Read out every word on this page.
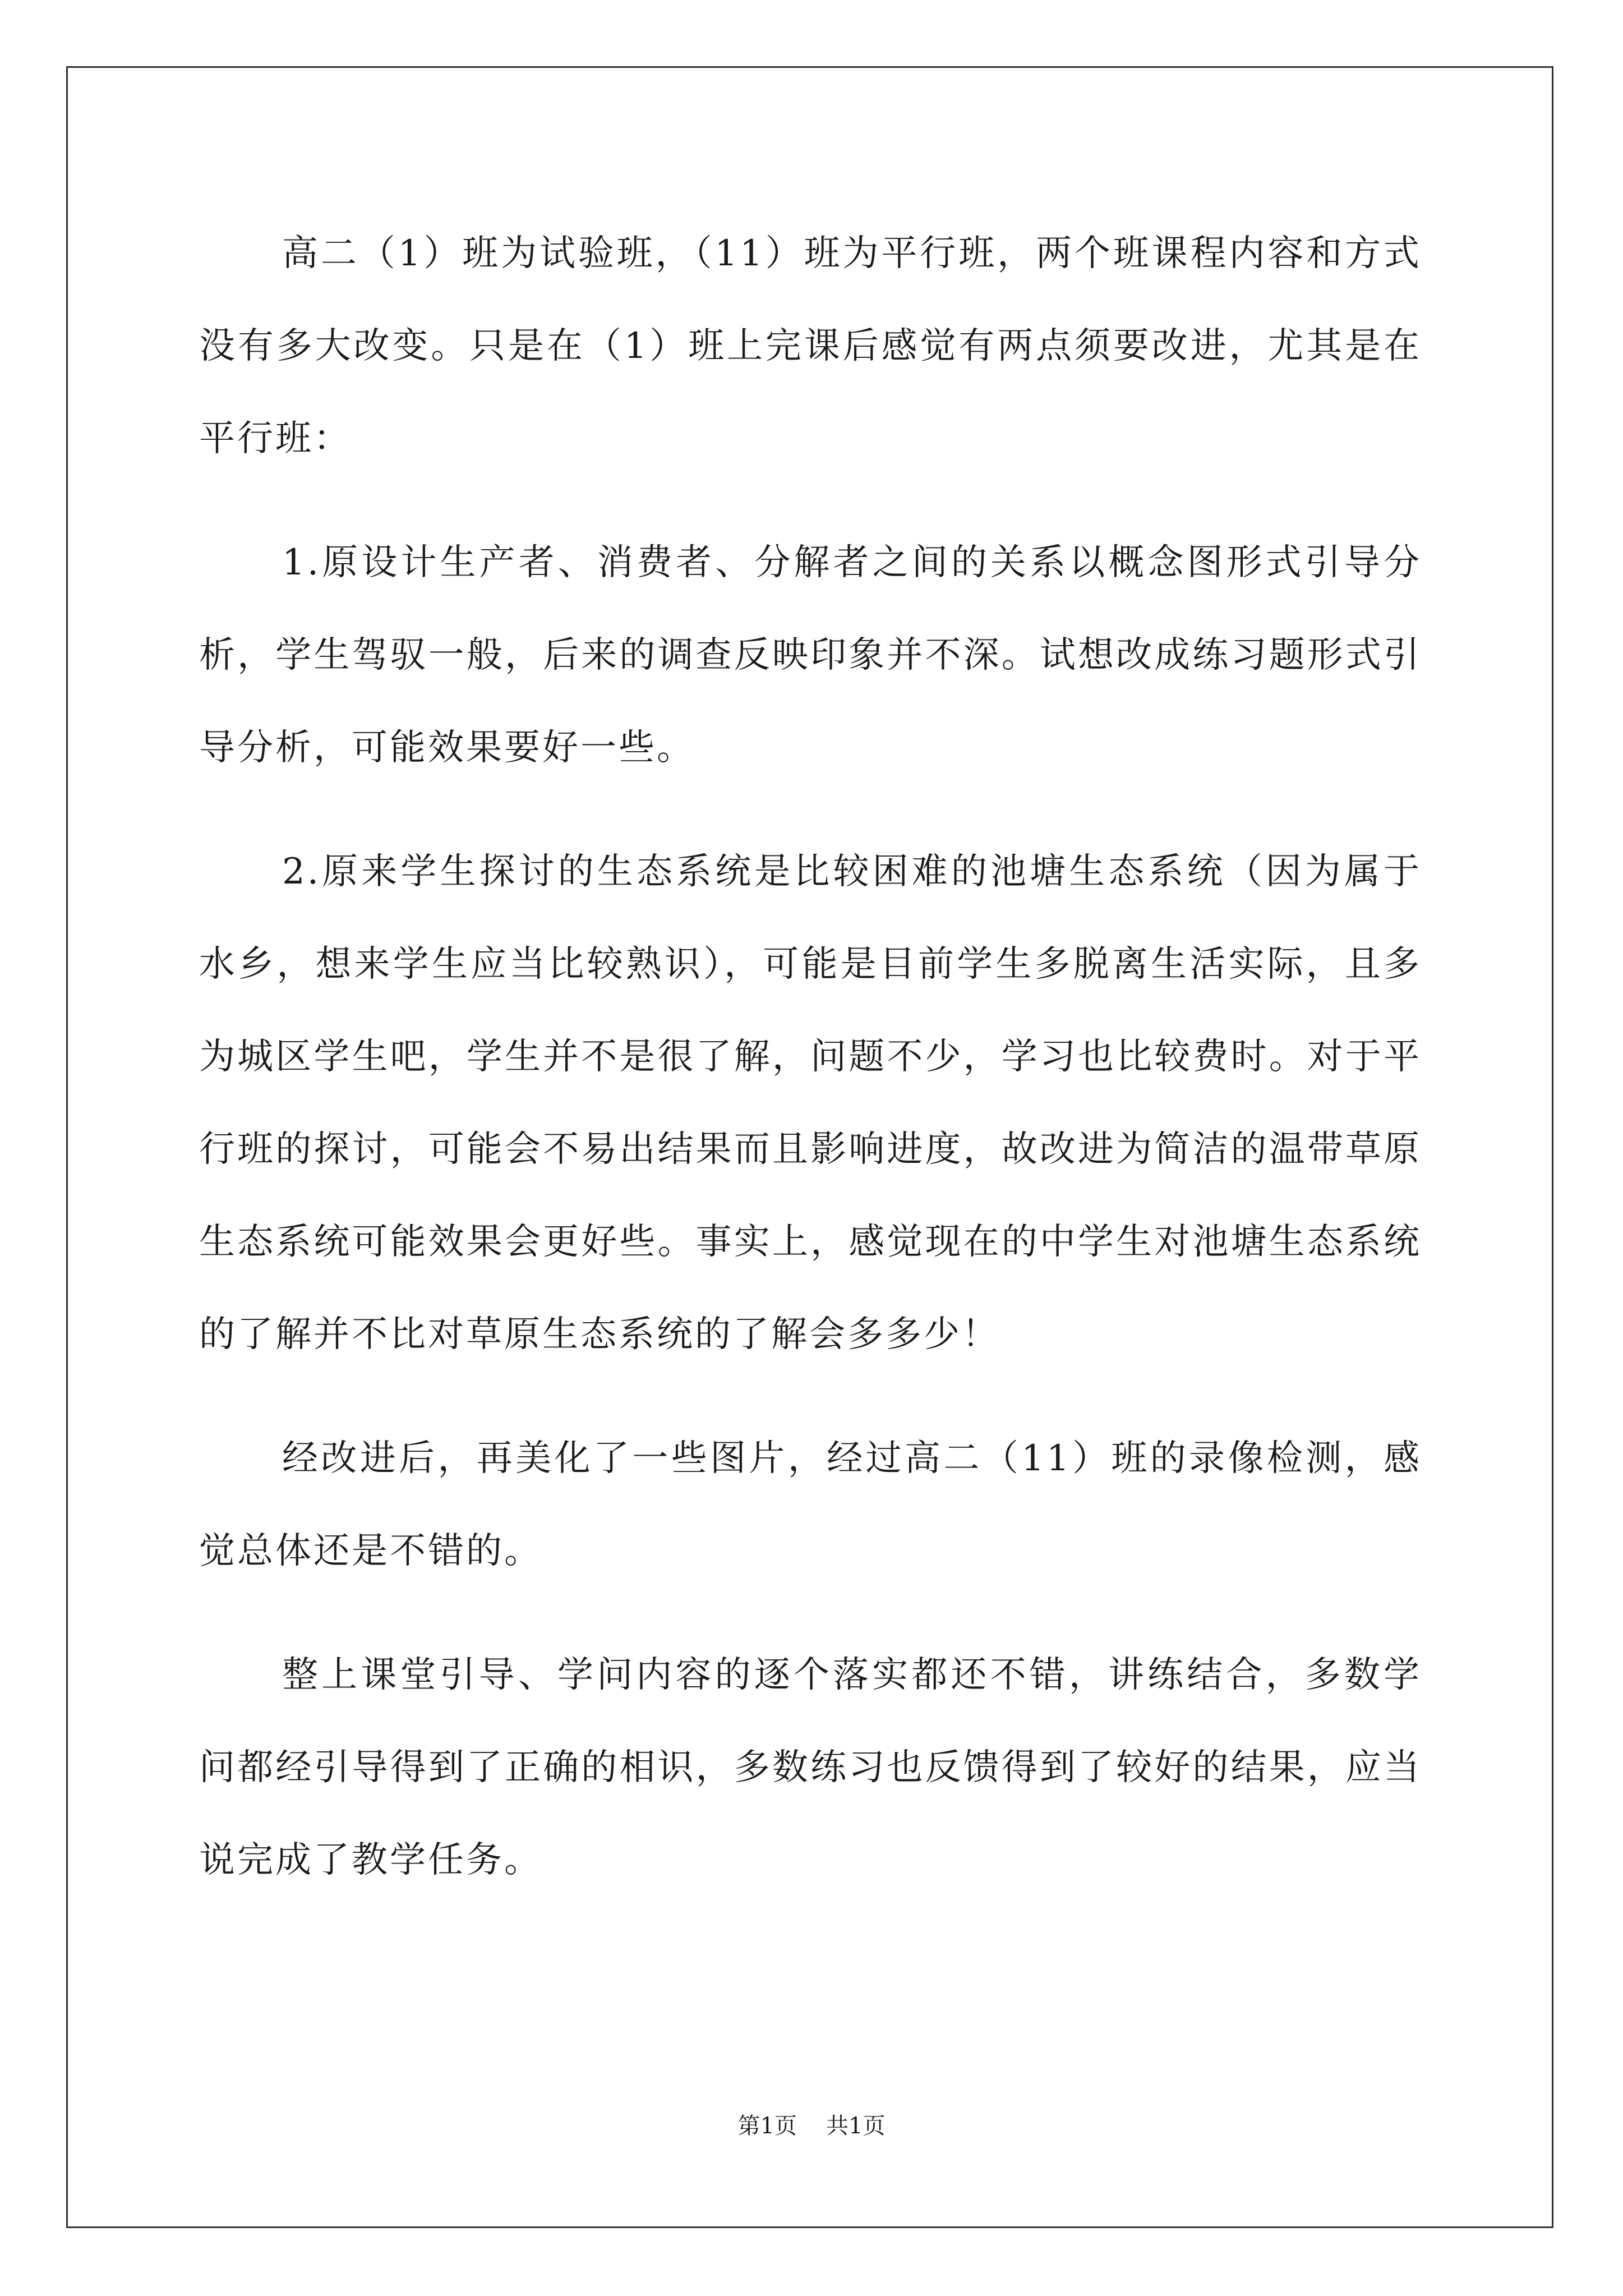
高二（1）班为试验班，（11）班为平行班，两个班课程内容和方式没有多大改变。只是在（1）班上完课后感觉有两点须要改进，尤其是在平行班：

1.原设计生产者、消费者、分解者之间的关系以概念图形式引导分析，学生驾驭一般，后来的调查反映印象并不深。试想改成练习题形式引导分析，可能效果要好一些。

2.原来学生探讨的生态系统是比较困难的池塘生态系统（因为属于水乡，想来学生应当比较熟识），可能是目前学生多脱离生活实际，且多为城区学生吧，学生并不是很了解，问题不少，学习也比较费时。对于平行班的探讨，可能会不易出结果而且影响进度，故改进为简洁的温带草原生态系统可能效果会更好些。事实上，感觉现在的中学生对池塘生态系统的了解并不比对草原生态系统的了解会多多少！

经改进后，再美化了一些图片，经过高二（11）班的录像检测，感觉总体还是不错的。

整上课堂引导、学问内容的逐个落实都还不错，讲练结合，多数学问都经引导得到了正确的相识，多数练习也反馈得到了较好的结果，应当说完成了教学任务。

第1页 共1页
